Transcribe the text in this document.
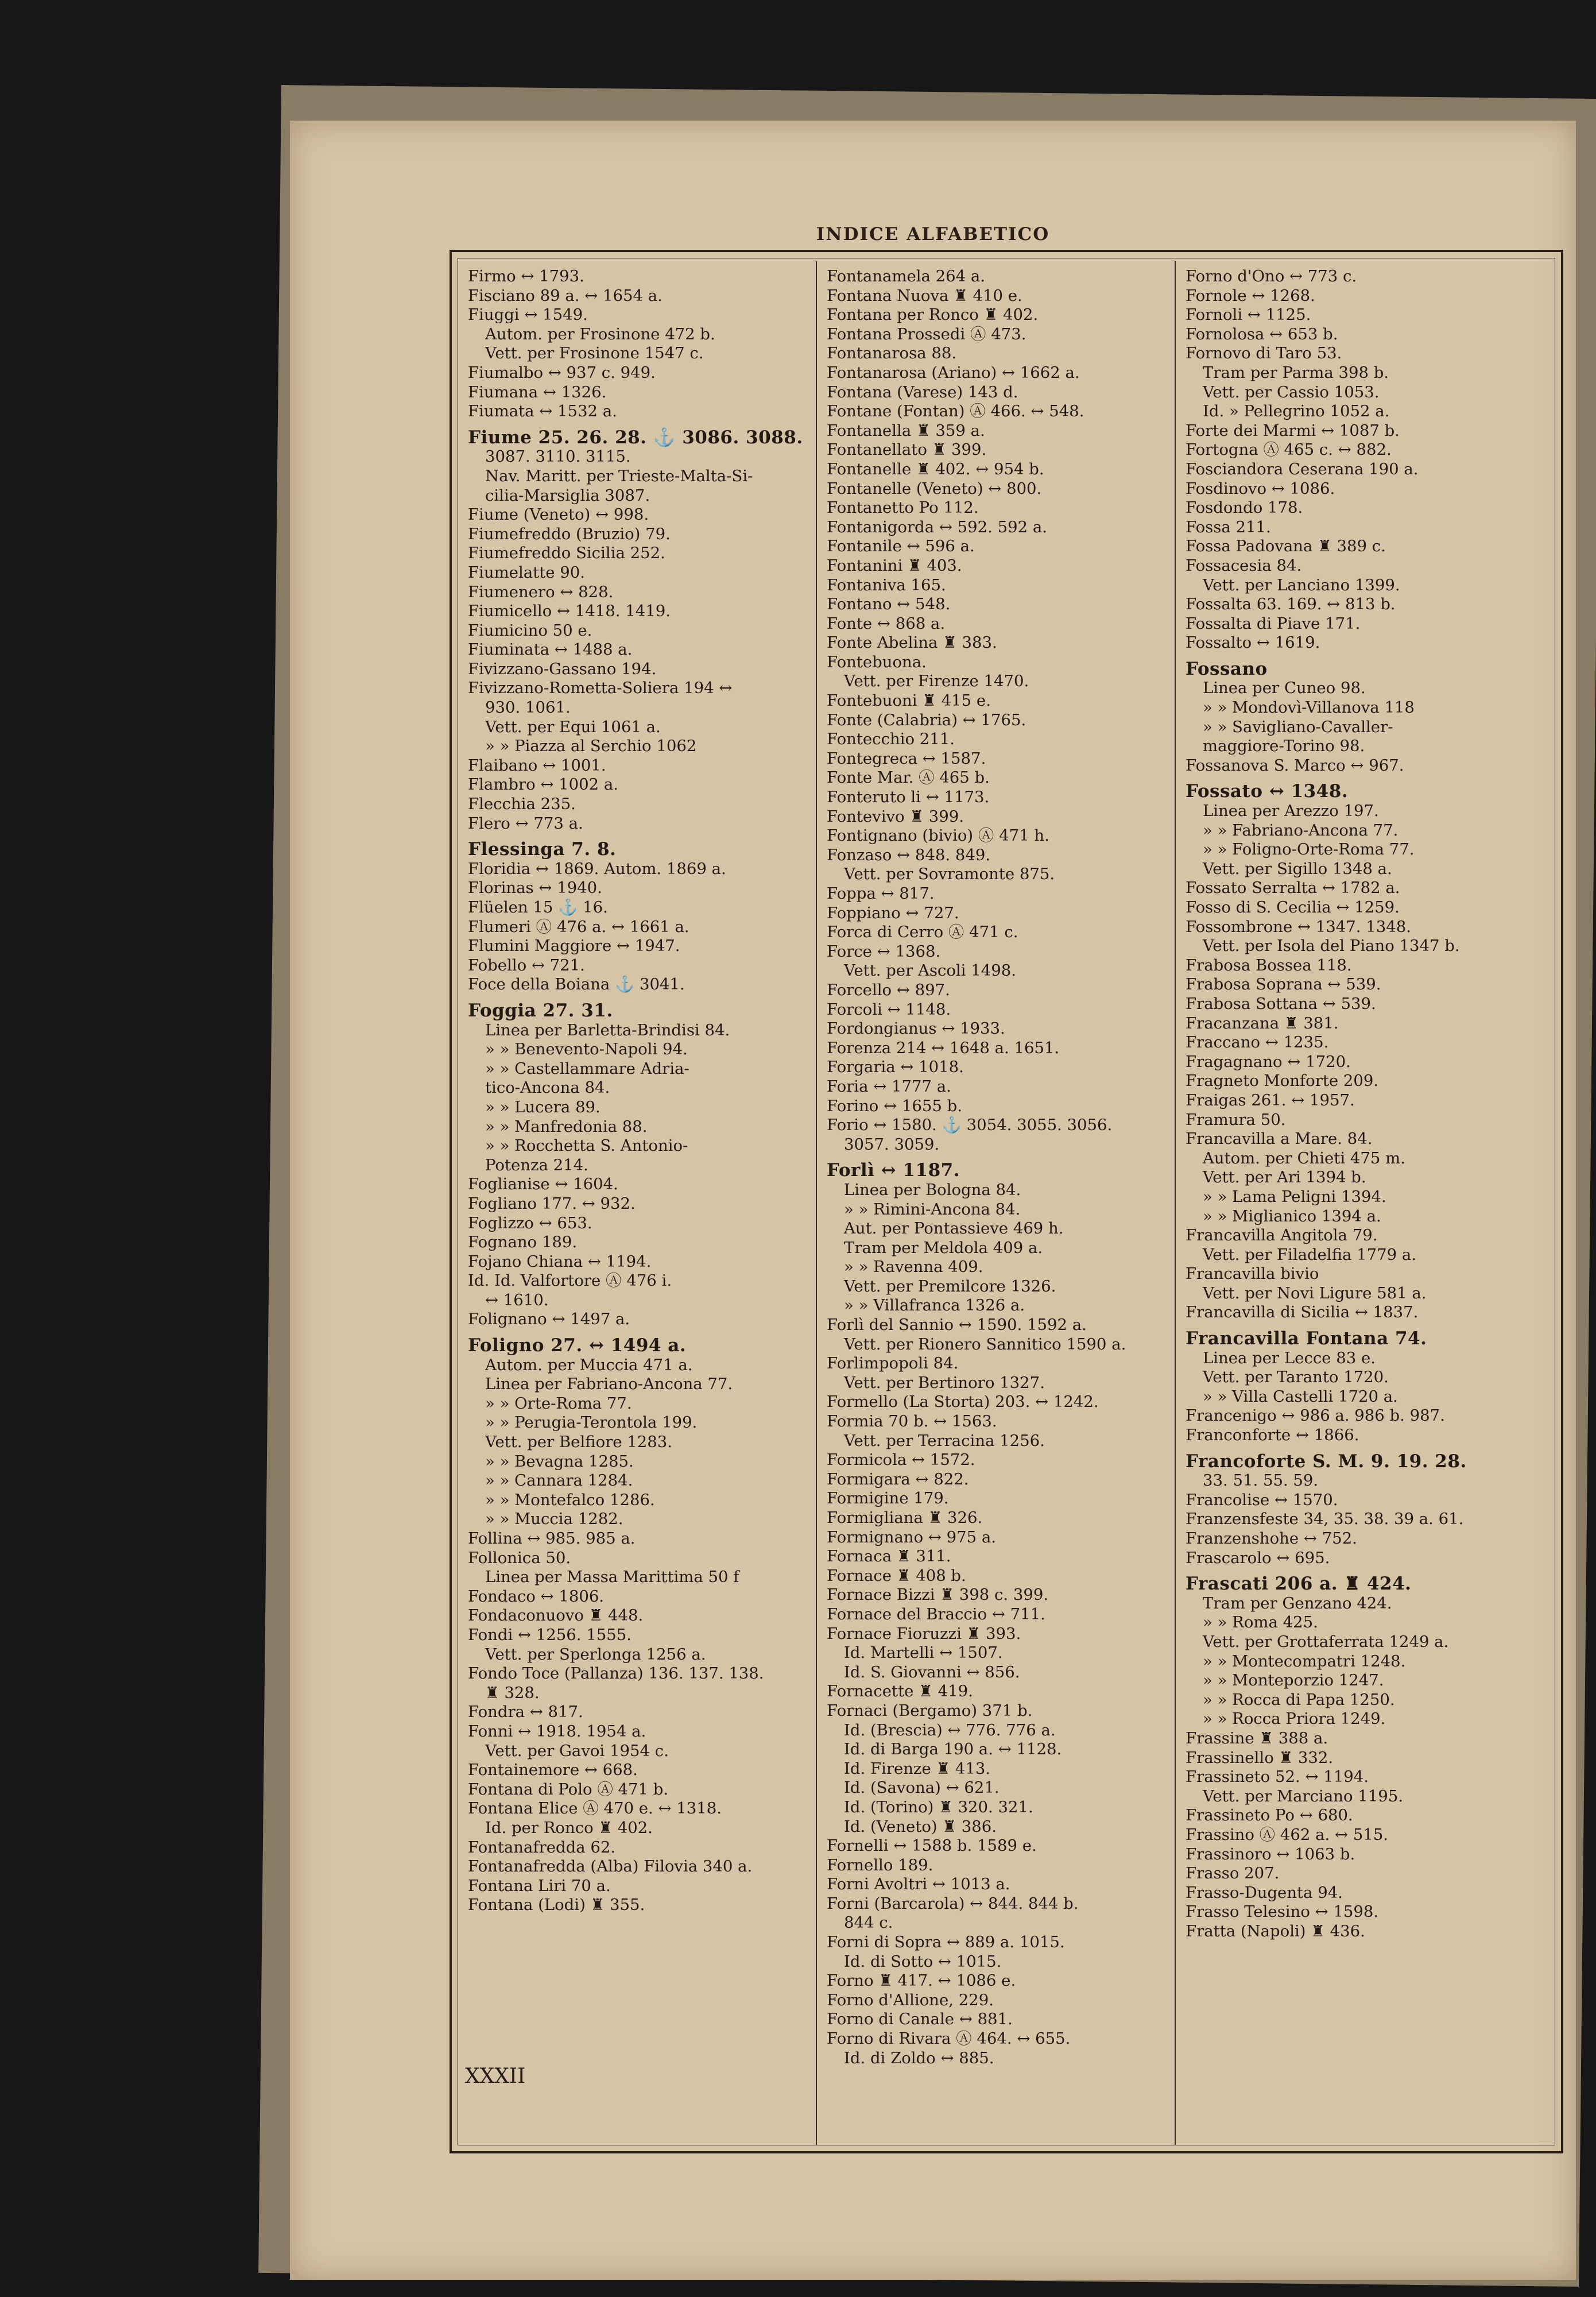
INDICE ALFABETICO
Firmo ↔ 1793.
Fisciano 89 a. ↔ 1654 a.
Fiuggi ↔ 1549.
Autom. per Frosinone 472 b.
Vett. per Frosinone 1547 c.
Fiumalbo ↔ 937 c. 949.
Fiumana ↔ 1326.
Fiumata ↔ 1532 a.
Fiume 25. 26. 28. ⚓ 3086. 3088.
3087. 3110. 3115.
Nav. Maritt. per Trieste-Malta-Si-
cilia-Marsiglia 3087.
Fiume (Veneto) ↔ 998.
Fiumefreddo (Bruzio) 79.
Fiumefreddo Sicilia 252.
Fiumelatte 90.
Fiumenero ↔ 828.
Fiumicello ↔ 1418. 1419.
Fiumicino 50 e.
Fiuminata ↔ 1488 a.
Fivizzano-Gassano 194.
Fivizzano-Rometta-Soliera 194 ↔
930. 1061.
Vett. per Equi 1061 a.
» » Piazza al Serchio 1062
Flaibano ↔ 1001.
Flambro ↔ 1002 a.
Flecchia 235.
Flero ↔ 773 a.
Flessinga 7. 8.
Floridia ↔ 1869. Autom. 1869 a.
Florinas ↔ 1940.
Flüelen 15 ⚓ 16.
Flumeri Ⓐ 476 a. ↔ 1661 a.
Flumini Maggiore ↔ 1947.
Fobello ↔ 721.
Foce della Boiana ⚓ 3041.
Foggia 27. 31.
Linea per Barletta-Brindisi 84.
» » Benevento-Napoli 94.
» » Castellammare Adria-
tico-Ancona 84.
» » Lucera 89.
» » Manfredonia 88.
» » Rocchetta S. Antonio-
Potenza 214.
Foglianise ↔ 1604.
Fogliano 177. ↔ 932.
Foglizzo ↔ 653.
Fognano 189.
Fojano Chiana ↔ 1194.
Id. Id. Valfortore Ⓐ 476 i.
↔ 1610.
Folignano ↔ 1497 a.
Foligno 27. ↔ 1494 a.
Autom. per Muccia 471 a.
Linea per Fabriano-Ancona 77.
» » Orte-Roma 77.
» » Perugia-Terontola 199.
Vett. per Belfiore 1283.
» » Bevagna 1285.
» » Cannara 1284.
» » Montefalco 1286.
» » Muccia 1282.
Follina ↔ 985. 985 a.
Follonica 50.
Linea per Massa Marittima 50 f
Fondaco ↔ 1806.
Fondaconuovo ♜ 448.
Fondi ↔ 1256. 1555.
Vett. per Sperlonga 1256 a.
Fondo Toce (Pallanza) 136. 137. 138.
♜ 328.
Fondra ↔ 817.
Fonni ↔ 1918. 1954 a.
Vett. per Gavoi 1954 c.
Fontainemore ↔ 668.
Fontana di Polo Ⓐ 471 b.
Fontana Elice Ⓐ 470 e. ↔ 1318.
Id. per Ronco ♜ 402.
Fontanafredda 62.
Fontanafredda (Alba) Filovia 340 a.
Fontana Liri 70 a.
Fontana (Lodi) ♜ 355.
Fontanamela 264 a.
Fontana Nuova ♜ 410 e.
Fontana per Ronco ♜ 402.
Fontana Prossedi Ⓐ 473.
Fontanarosa 88.
Fontanarosa (Ariano) ↔ 1662 a.
Fontana (Varese) 143 d.
Fontane (Fontan) Ⓐ 466. ↔ 548.
Fontanella ♜ 359 a.
Fontanellato ♜ 399.
Fontanelle ♜ 402. ↔ 954 b.
Fontanelle (Veneto) ↔ 800.
Fontanetto Po 112.
Fontanigorda ↔ 592. 592 a.
Fontanile ↔ 596 a.
Fontanini ♜ 403.
Fontaniva 165.
Fontano ↔ 548.
Fonte ↔ 868 a.
Fonte Abelina ♜ 383.
Fontebuona.
Vett. per Firenze 1470.
Fontebuoni ♜ 415 e.
Fonte (Calabria) ↔ 1765.
Fontecchio 211.
Fontegreca ↔ 1587.
Fonte Mar. Ⓐ 465 b.
Fonteruto li ↔ 1173.
Fontevivo ♜ 399.
Fontignano (bivio) Ⓐ 471 h.
Fonzaso ↔ 848. 849.
Vett. per Sovramonte 875.
Foppa ↔ 817.
Foppiano ↔ 727.
Forca di Cerro Ⓐ 471 c.
Force ↔ 1368.
Vett. per Ascoli 1498.
Forcello ↔ 897.
Forcoli ↔ 1148.
Fordongianus ↔ 1933.
Forenza 214 ↔ 1648 a. 1651.
Forgaria ↔ 1018.
Foria ↔ 1777 a.
Forino ↔ 1655 b.
Forio ↔ 1580. ⚓ 3054. 3055. 3056.
3057. 3059.
Forlì ↔ 1187.
Linea per Bologna 84.
» » Rimini-Ancona 84.
Aut. per Pontassieve 469 h.
Tram per Meldola 409 a.
» » Ravenna 409.
Vett. per Premilcore 1326.
» » Villafranca 1326 a.
Forlì del Sannio ↔ 1590. 1592 a.
Vett. per Rionero Sannitico 1590 a.
Forlimpopoli 84.
Vett. per Bertinoro 1327.
Formello (La Storta) 203. ↔ 1242.
Formia 70 b. ↔ 1563.
Vett. per Terracina 1256.
Formicola ↔ 1572.
Formigara ↔ 822.
Formigine 179.
Formigliana ♜ 326.
Formignano ↔ 975 a.
Fornaca ♜ 311.
Fornace ♜ 408 b.
Fornace Bizzi ♜ 398 c. 399.
Fornace del Braccio ↔ 711.
Fornace Fioruzzi ♜ 393.
Id. Martelli ↔ 1507.
Id. S. Giovanni ↔ 856.
Fornacette ♜ 419.
Fornaci (Bergamo) 371 b.
Id. (Brescia) ↔ 776. 776 a.
Id. di Barga 190 a. ↔ 1128.
Id. Firenze ♜ 413.
Id. (Savona) ↔ 621.
Id. (Torino) ♜ 320. 321.
Id. (Veneto) ♜ 386.
Fornelli ↔ 1588 b. 1589 e.
Fornello 189.
Forni Avoltri ↔ 1013 a.
Forni (Barcarola) ↔ 844. 844 b.
844 c.
Forni di Sopra ↔ 889 a. 1015.
Id. di Sotto ↔ 1015.
Forno ♜ 417. ↔ 1086 e.
Forno d'Allione, 229.
Forno di Canale ↔ 881.
Forno di Rivara Ⓐ 464. ↔ 655.
Id. di Zoldo ↔ 885.
Forno d'Ono ↔ 773 c.
Fornole ↔ 1268.
Fornoli ↔ 1125.
Fornolosa ↔ 653 b.
Fornovo di Taro 53.
Tram per Parma 398 b.
Vett. per Cassio 1053.
Id. » Pellegrino 1052 a.
Forte dei Marmi ↔ 1087 b.
Fortogna Ⓐ 465 c. ↔ 882.
Fosciandora Ceserana 190 a.
Fosdinovo ↔ 1086.
Fosdondo 178.
Fossa 211.
Fossa Padovana ♜ 389 c.
Fossacesia 84.
Vett. per Lanciano 1399.
Fossalta 63. 169. ↔ 813 b.
Fossalta di Piave 171.
Fossalto ↔ 1619.
Fossano
Linea per Cuneo 98.
» » Mondovì-Villanova 118
» » Savigliano-Cavaller-
maggiore-Torino 98.
Fossanova S. Marco ↔ 967.
Fossato ↔ 1348.
Linea per Arezzo 197.
» » Fabriano-Ancona 77.
» » Foligno-Orte-Roma 77.
Vett. per Sigillo 1348 a.
Fossato Serralta ↔ 1782 a.
Fosso di S. Cecilia ↔ 1259.
Fossombrone ↔ 1347. 1348.
Vett. per Isola del Piano 1347 b.
Frabosa Bossea 118.
Frabosa Soprana ↔ 539.
Frabosa Sottana ↔ 539.
Fracanzana ♜ 381.
Fraccano ↔ 1235.
Fragagnano ↔ 1720.
Fragneto Monforte 209.
Fraigas 261. ↔ 1957.
Framura 50.
Francavilla a Mare. 84.
Autom. per Chieti 475 m.
Vett. per Ari 1394 b.
» » Lama Peligni 1394.
» » Miglianico 1394 a.
Francavilla Angitola 79.
Vett. per Filadelfia 1779 a.
Francavilla bivio
Vett. per Novi Ligure 581 a.
Francavilla di Sicilia ↔ 1837.
Francavilla Fontana 74.
Linea per Lecce 83 e.
Vett. per Taranto 1720.
» » Villa Castelli 1720 a.
Francenigo ↔ 986 a. 986 b. 987.
Franconforte ↔ 1866.
Francoforte S. M. 9. 19. 28.
33. 51. 55. 59.
Francolise ↔ 1570.
Franzensfeste 34, 35. 38. 39 a. 61.
Franzenshohe ↔ 752.
Frascarolo ↔ 695.
Frascati 206 a. ♜ 424.
Tram per Genzano 424.
» » Roma 425.
Vett. per Grottaferrata 1249 a.
» » Montecompatri 1248.
» » Monteporzio 1247.
» » Rocca di Papa 1250.
» » Rocca Priora 1249.
Frassine ♜ 388 a.
Frassinello ♜ 332.
Frassineto 52. ↔ 1194.
Vett. per Marciano 1195.
Frassineto Po ↔ 680.
Frassino Ⓐ 462 a. ↔ 515.
Frassinoro ↔ 1063 b.
Frasso 207.
Frasso-Dugenta 94.
Frasso Telesino ↔ 1598.
Fratta (Napoli) ♜ 436.
XXXII
